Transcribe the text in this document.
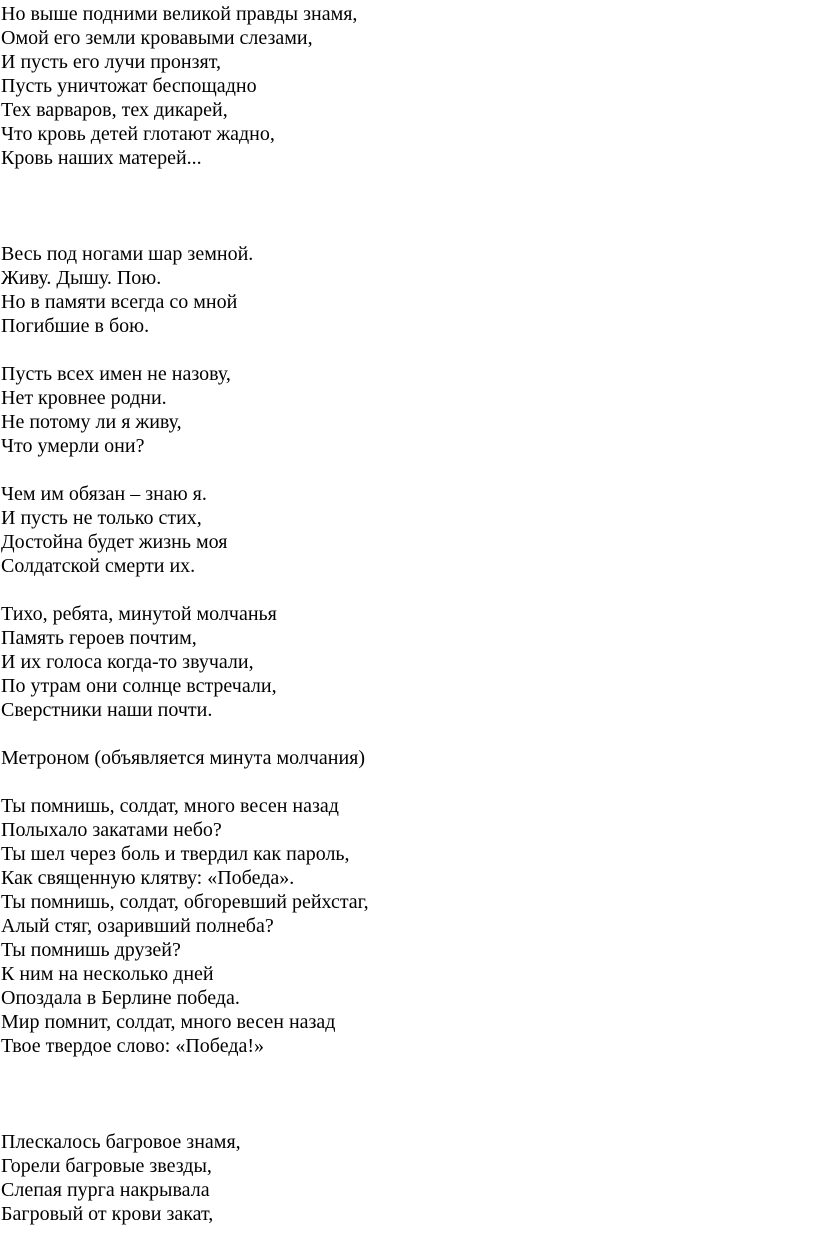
Но выше подними великой правды знамя,
Омой его земли кровавыми слезами,
И пусть его лучи пронзят,
Пусть уничтожат беспощадно
Тех варваров, тех дикарей,
Что кровь детей глотают жадно,
Кровь наших матерей...
Весь под ногами шар земной.
Живу. Дышу. Пою.
Но в памяти всегда со мной
Погибшие в бою.
Пусть всех имен не назову,
Нет кровнее родни.
Не потому ли я живу,
Что умерли они?
Чем им обязан – знаю я.
И пусть не только стих,
Достойна будет жизнь моя
Солдатской смерти их.
Тихо, ребята, минутой молчанья
Память героев почтим,
И их голоса когда-то звучали,
По утрам они солнце встречали,
Сверстники наши почти.
Метроном (объявляется минута молчания)
Ты помнишь, солдат, много весен назад
Полыхало закатами небо?
Ты шел через боль и твердил как пароль,
Как священную клятву: «Победа».
Ты помнишь, солдат, обгоревший рейхстаг,
Алый стяг, озаривший полнеба?
Ты помнишь друзей?
К ним на несколько дней
Опоздала в Берлине победа.
Мир помнит, солдат, много весен назад
Твое твердое слово: «Победа!»
Плескалось багровое знамя,
Горели багровые звезды,
Слепая пурга накрывала
Багровый от крови закат,
